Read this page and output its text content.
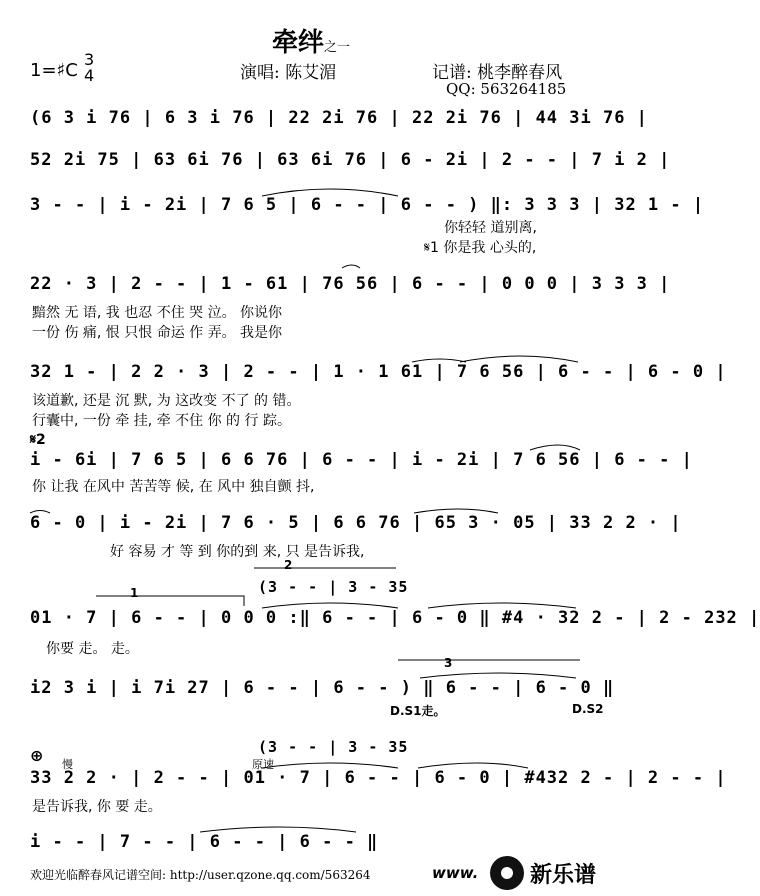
牵绊之一
1=♯C
3
4	演唱: 陈艾湄	记谱: 桃李醉春风
QQ: 563264185
(6 3 i 76 | 6 3 i 76 | 22 2i 76 | 22 2i 76 | 44 3i 76 |
52 2i 75 | 63 6i 76 | 63 6i 76 | 6 - 2i | 2 - - | 7 i 2 |
3 - - | i - 2i | 7 6 5 | 6 - - | 6 - - ) ‖: 3 3 3 | 32 1 - |
你轻轻 道别离,
𝄋1 你是我 心头的,
22 · 3 | 2 - - | 1 - 61 | 76 56 | 6 - - | 0 0 0 | 3 3 3 |
黯然 无 语, 我 也忍 不住 哭 泣。 你说你
一份 伤 痛, 恨 只恨 命运 作 弄。 我是你
32 1 - | 2 2 · 3 | 2 - - | 1 · 1 61 | 7 6 56 | 6 - - | 6 - 0 |
该道歉, 还是 沉 默, 为 这改变 不了 的 错。
行囊中, 一份 牵 挂, 牵 不住 你 的 行 踪。
𝄋2
i - 6i | 7 6 5 | 6 6 76 | 6 - - | i - 2i | 7 6 56 | 6 - - |
你 让我 在风中 苦苦等 候, 在 风中 独自颤 抖,
6 - 0 | i - 2i | 7 6 · 5 | 6 6 76 | 65 3 · 05 | 33 2 2 · |
好 容易 才 等 到 你的到 来, 只 是告诉我,
1
2
(3 - - | 3 - 35
01 · 7 | 6 - - | 0 0 0 :‖ 6 - - | 6 - 0 ‖ #4 · 32 2 - | 2 - 232 |
你要 走。 走。
3
i2 3 i | i 7i 27 | 6 - - | 6 - - ) ‖ 6 - - | 6 - 0 ‖
D.S1走。	D.S2
⊕ 慢	原速
(3 - - | 3 - 35
33 2 2 · | 2 - - | 01 · 7 | 6 - - | 6 - 0 | #432 2 - | 2 - - |
是告诉我, 你 要 走。
i - - | 7 - - | 6 - - | 6 - - ‖
欢迎光临醉春风记谱空间: http://user.qzone.qq.com/563264	www. 新乐谱
